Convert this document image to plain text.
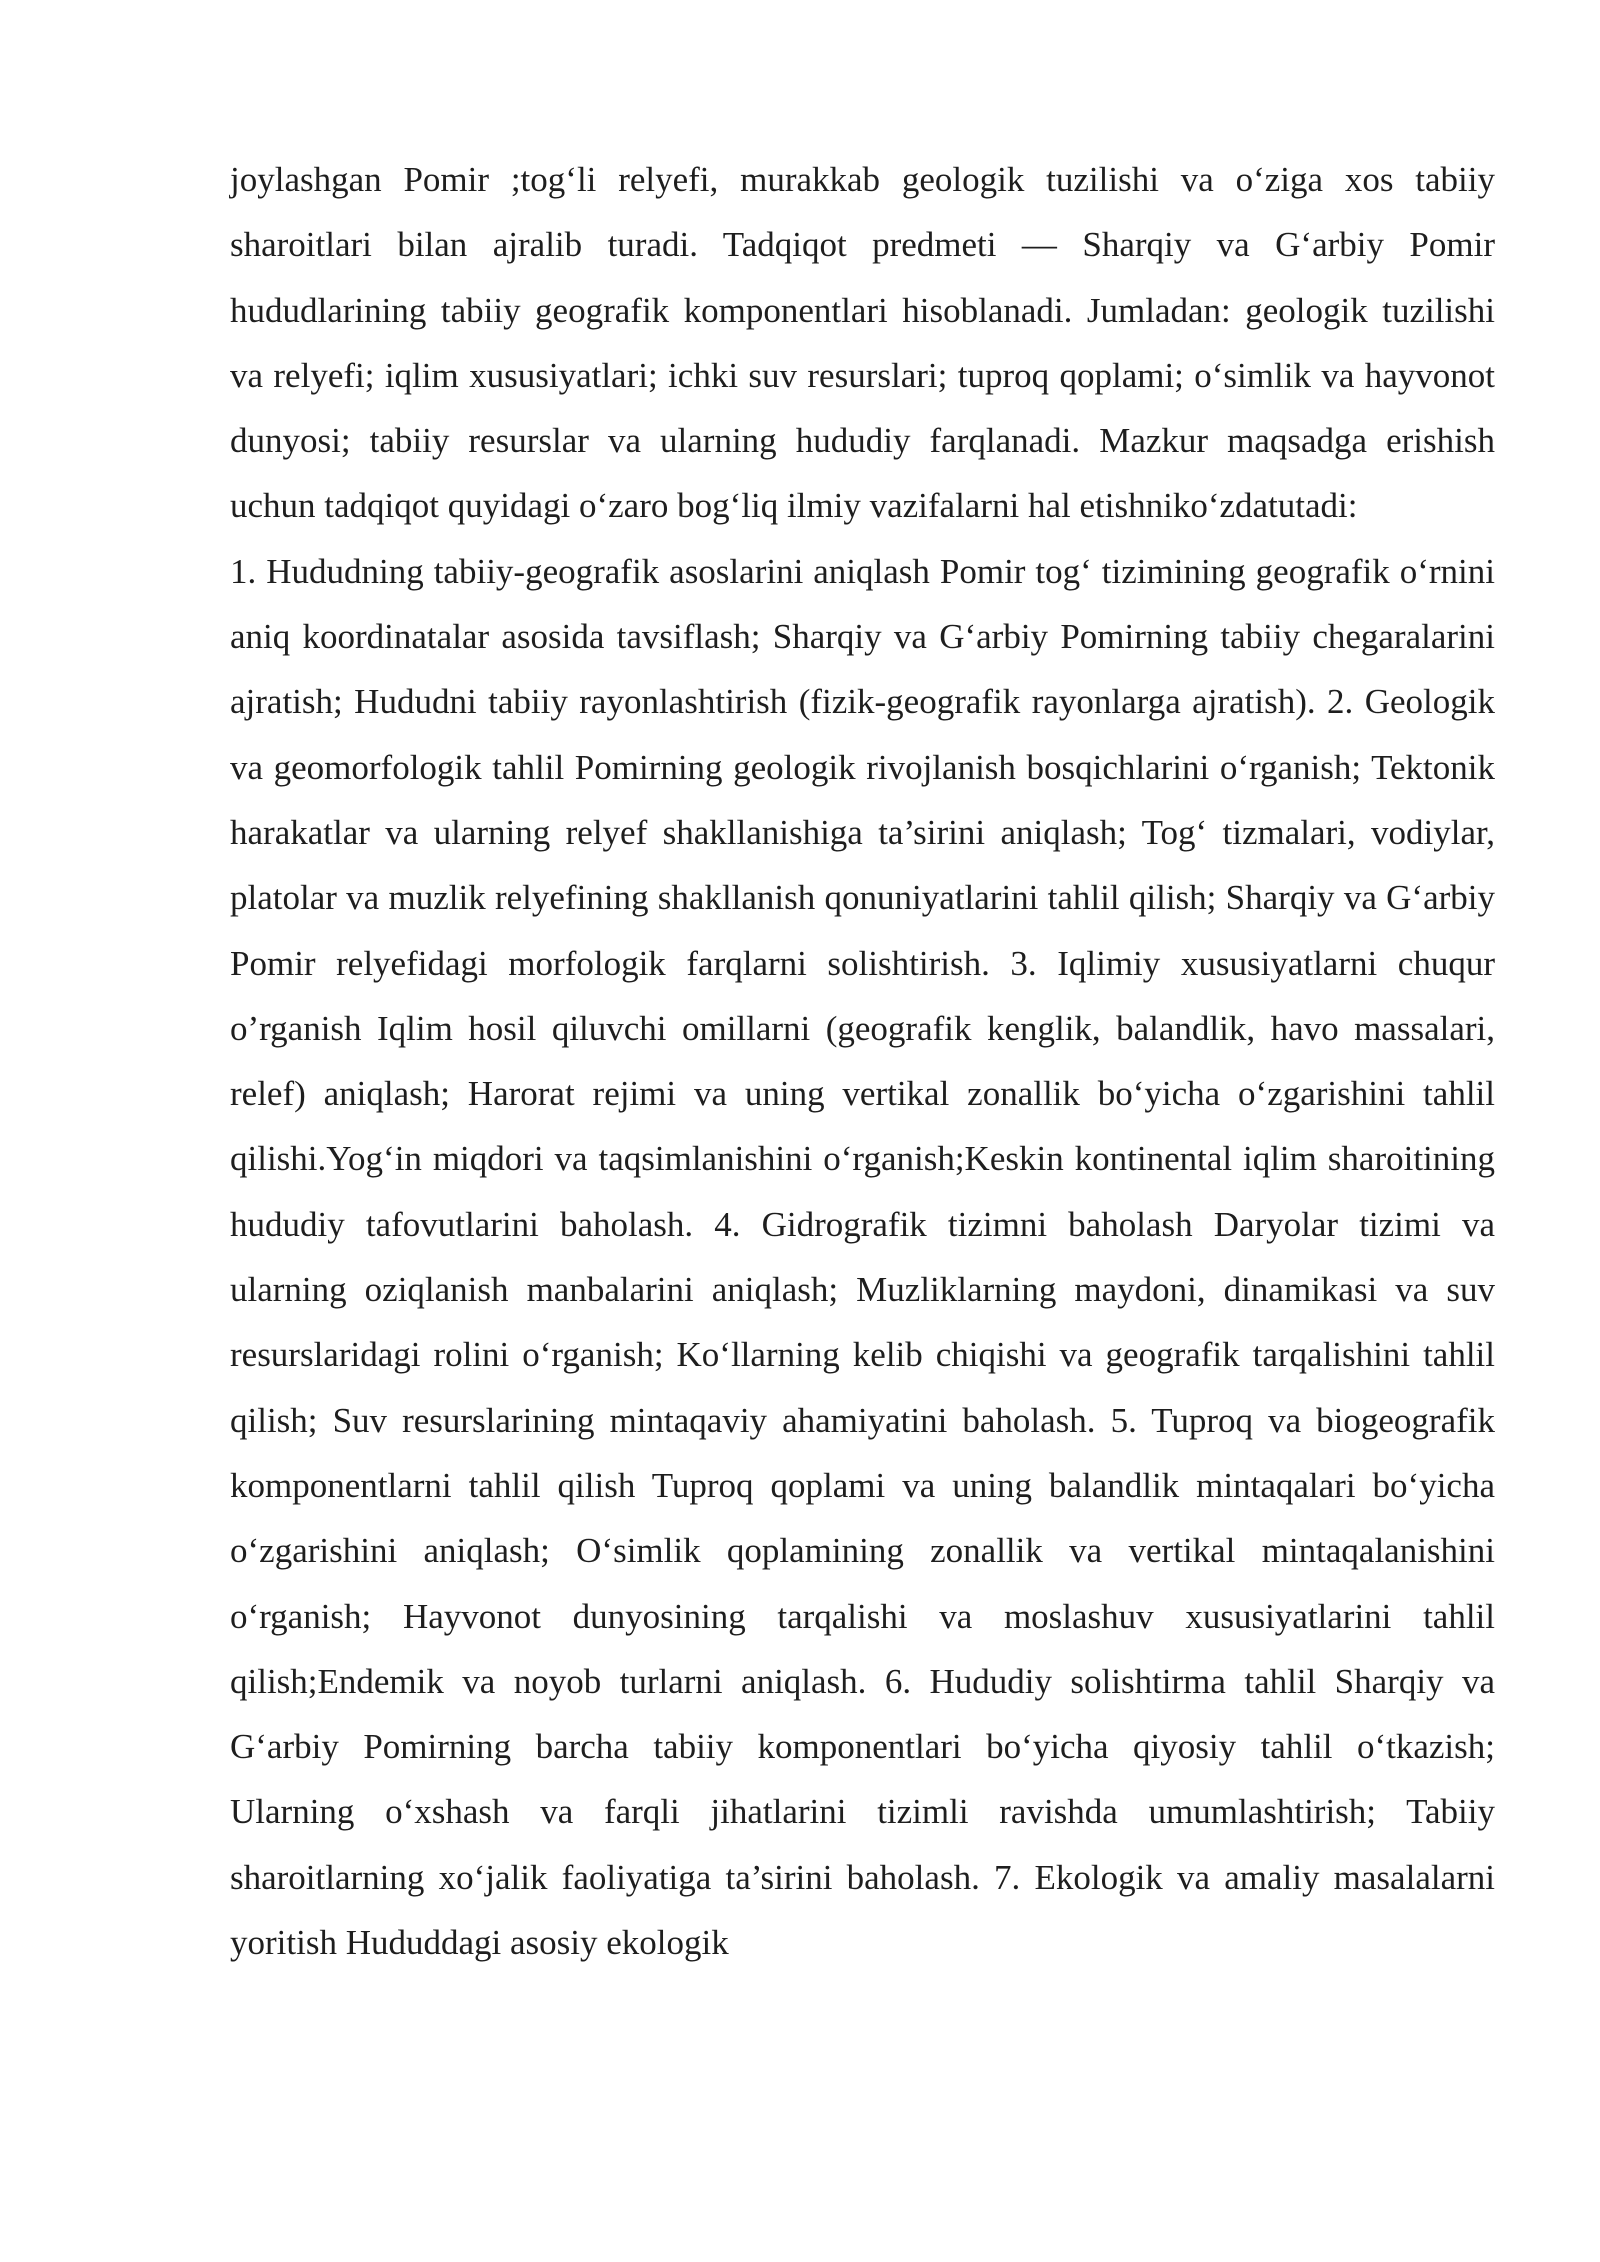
joylashgan Pomir ;tog‘li relyefi, murakkab geologik tuzilishi va o‘ziga xos tabiiy sharoitlari bilan ajralib turadi. Tadqiqot predmeti — Sharqiy va G‘arbiy Pomir hududlarining tabiiy geografik komponentlari hisoblanadi. Jumladan: geologik tuzilishi va relyefi; iqlim xususiyatlari; ichki suv resurslari; tuproq qoplami; o‘simlik va hayvonot dunyosi; tabiiy resurslar va ularning hududiy farqlanadi. Mazkur maqsadga erishish uchun tadqiqot quyidagi o‘zaro bog‘liq ilmiy vazifalarni hal etishniko‘zdatutadi:

1. Hududning tabiiy-geografik asoslarini aniqlash Pomir tog‘ tizimining geografik o‘rnini aniq koordinatalar asosida tavsiflash; Sharqiy va G‘arbiy Pomirning tabiiy chegaralarini ajratish; Hududni tabiiy rayonlashtirish (fizik-geografik rayonlarga ajratish). 2. Geologik va geomorfologik tahlil Pomirning geologik rivojlanish bosqichlarini o‘rganish; Tektonik harakatlar va ularning relyef shakllanishiga ta’sirini aniqlash; Tog‘ tizmalari, vodiylar, platolar va muzlik relyefining shakllanish qonuniyatlarini tahlil qilish; Sharqiy va G‘arbiy Pomir relyefidagi morfologik farqlarni solishtirish. 3. Iqlimiy xususiyatlarni chuqur o’rganish Iqlim hosil qiluvchi omillarni (geografik kenglik, balandlik, havo massalari, relef) aniqlash; Harorat rejimi va uning vertikal zonallik bo‘yicha o‘zgarishini tahlil qilishi.Yog‘in miqdori va taqsimlanishini o‘rganish;Keskin kontinental iqlim sharoitining hududiy tafovutlarini baholash. 4. Gidrografik tizimni baholash Daryolar tizimi va ularning oziqlanish manbalarini aniqlash; Muzliklarning maydoni, dinamikasi va suv resurslaridagi rolini o‘rganish; Ko‘llarning kelib chiqishi va geografik tarqalishini tahlil qilish; Suv resurslarining mintaqaviy ahamiyatini baholash. 5. Tuproq va biogeografik komponentlarni tahlil qilish Tuproq qoplami va uning balandlik mintaqalari bo‘yicha o‘zgarishini aniqlash; O‘simlik qoplamining zonallik va vertikal mintaqalanishini o‘rganish; Hayvonot dunyosining tarqalishi va moslashuv xususiyatlarini tahlil qilish;Endemik va noyob turlarni aniqlash. 6. Hududiy solishtirma tahlil Sharqiy va G‘arbiy Pomirning barcha tabiiy komponentlari bo‘yicha qiyosiy tahlil o‘tkazish; Ularning o‘xshash va farqli jihatlarini tizimli ravishda umumlashtirish; Tabiiy sharoitlarning xo‘jalik faoliyatiga ta’sirini baholash. 7. Ekologik va amaliy masalalarni yoritish Hududdagi asosiy ekologik
